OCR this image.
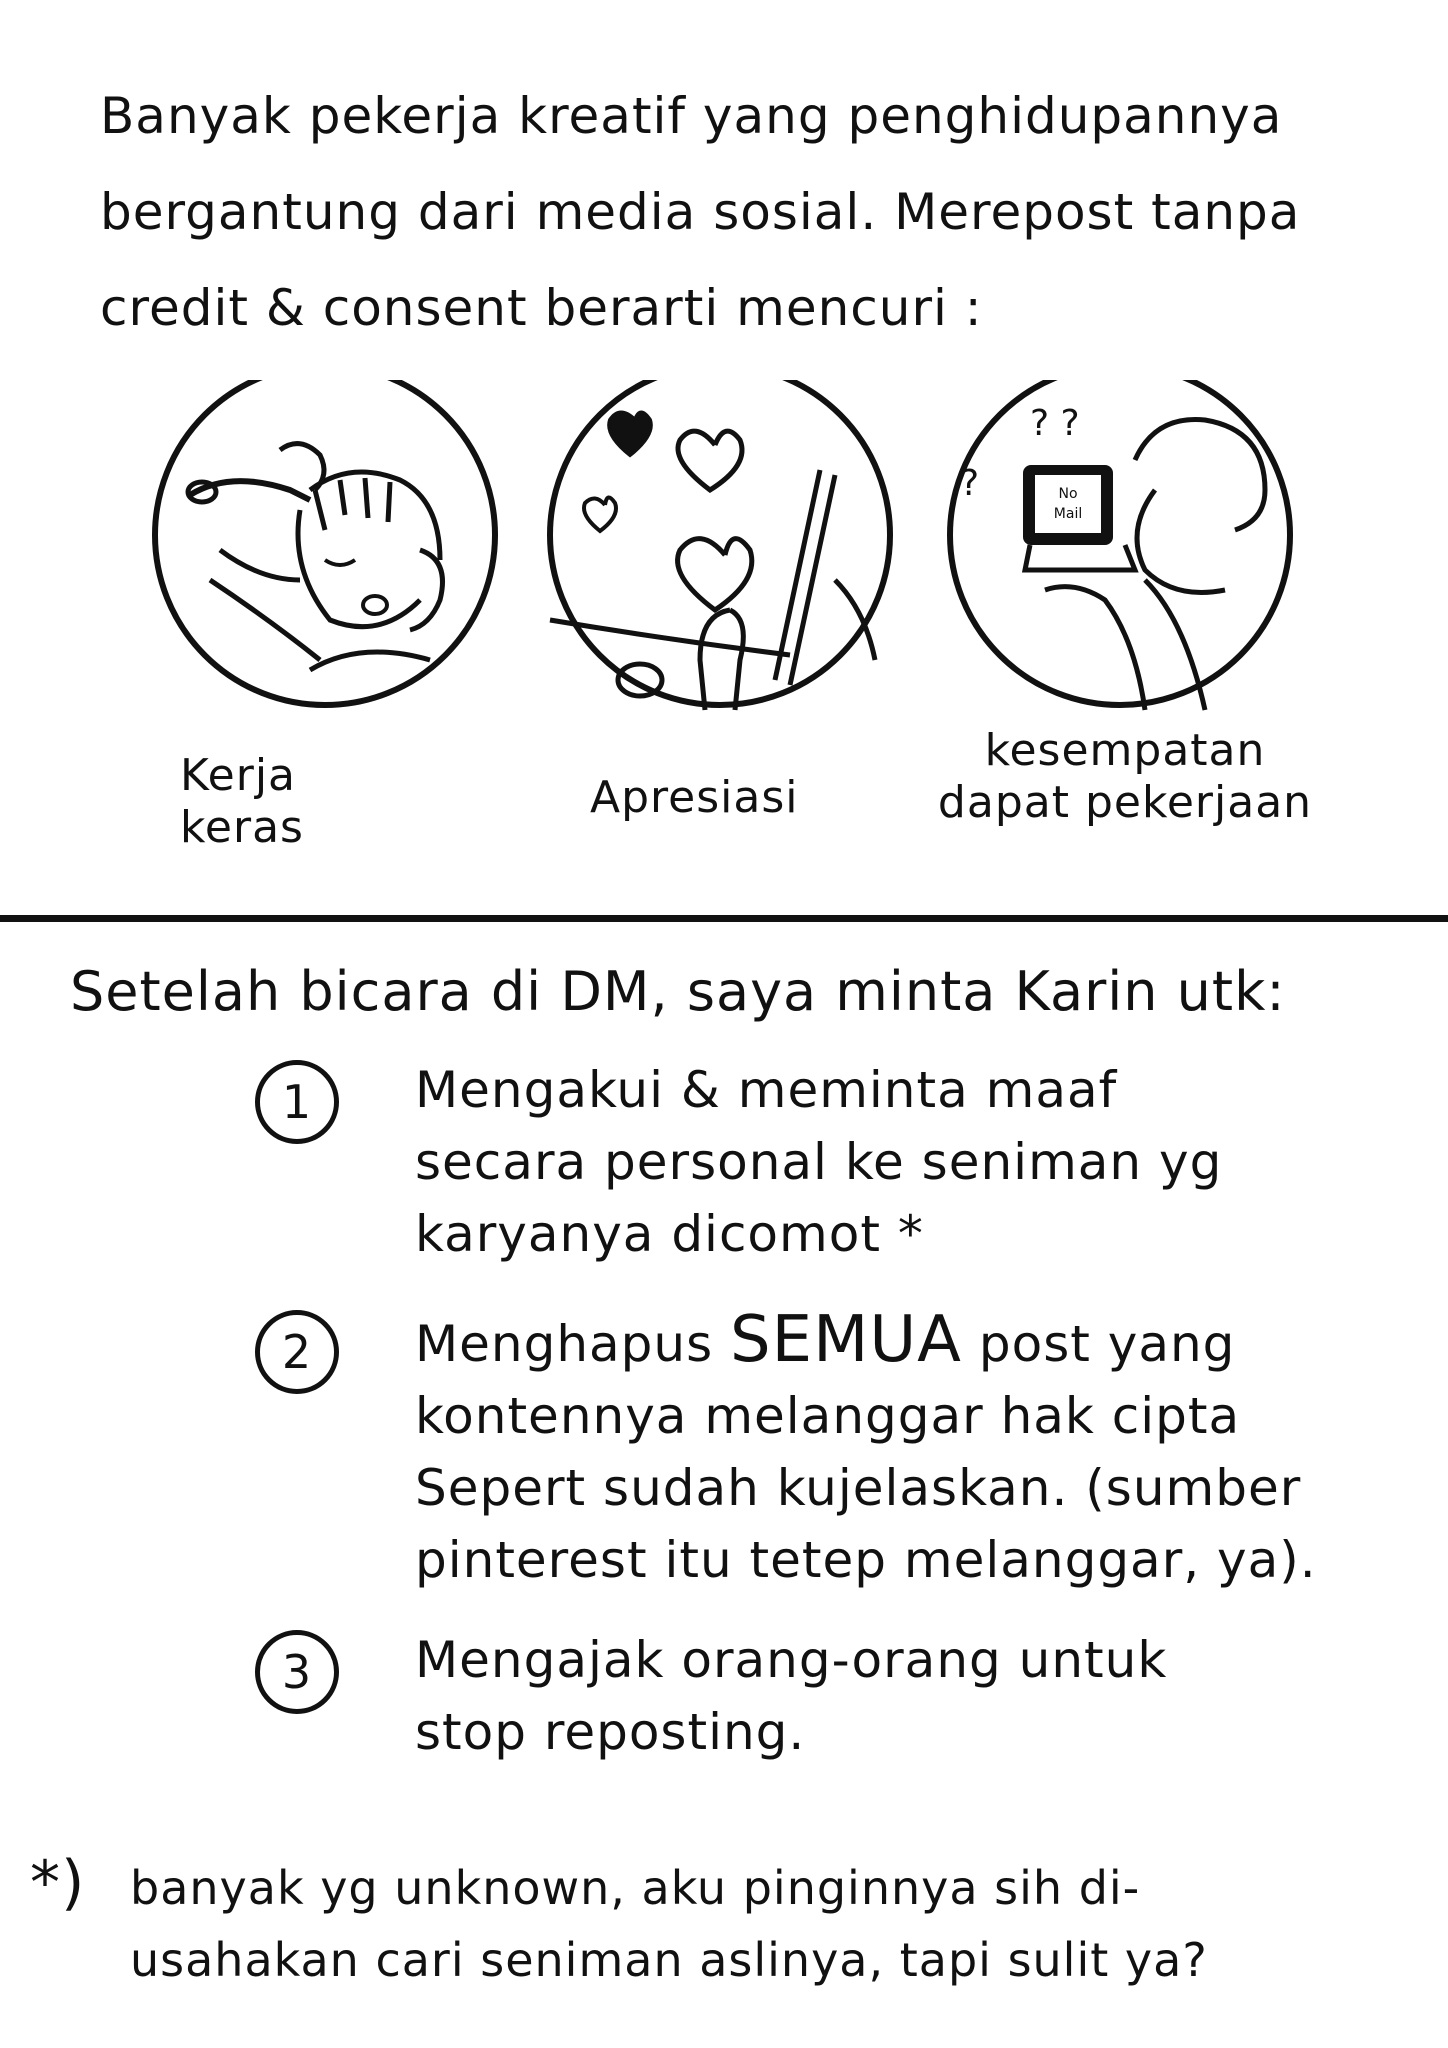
Banyak pekerja kreatif yang penghidupannya
bergantung dari media sosial. Merepost tanpa
credit & consent berarti mencuri :
Kerja
keras
Apresiasi
? ?
?	No
Mail
kesempatan
dapat pekerjaan

Setelah bicara di DM, saya minta Karin utk:

1	Mengakui & meminta maaf
secara personal ke seniman yg
karyanya dicomot *

2	Menghapus SEMUA post yang
kontennya melanggar hak cipta
Sepert sudah kujelaskan. (sumber
pinterest itu tetep melanggar, ya).

3	Mengajak orang-orang untuk
stop reposting.

*) banyak yg unknown, aku pinginnya sih di-
usahakan cari seniman aslinya, tapi sulit ya?
